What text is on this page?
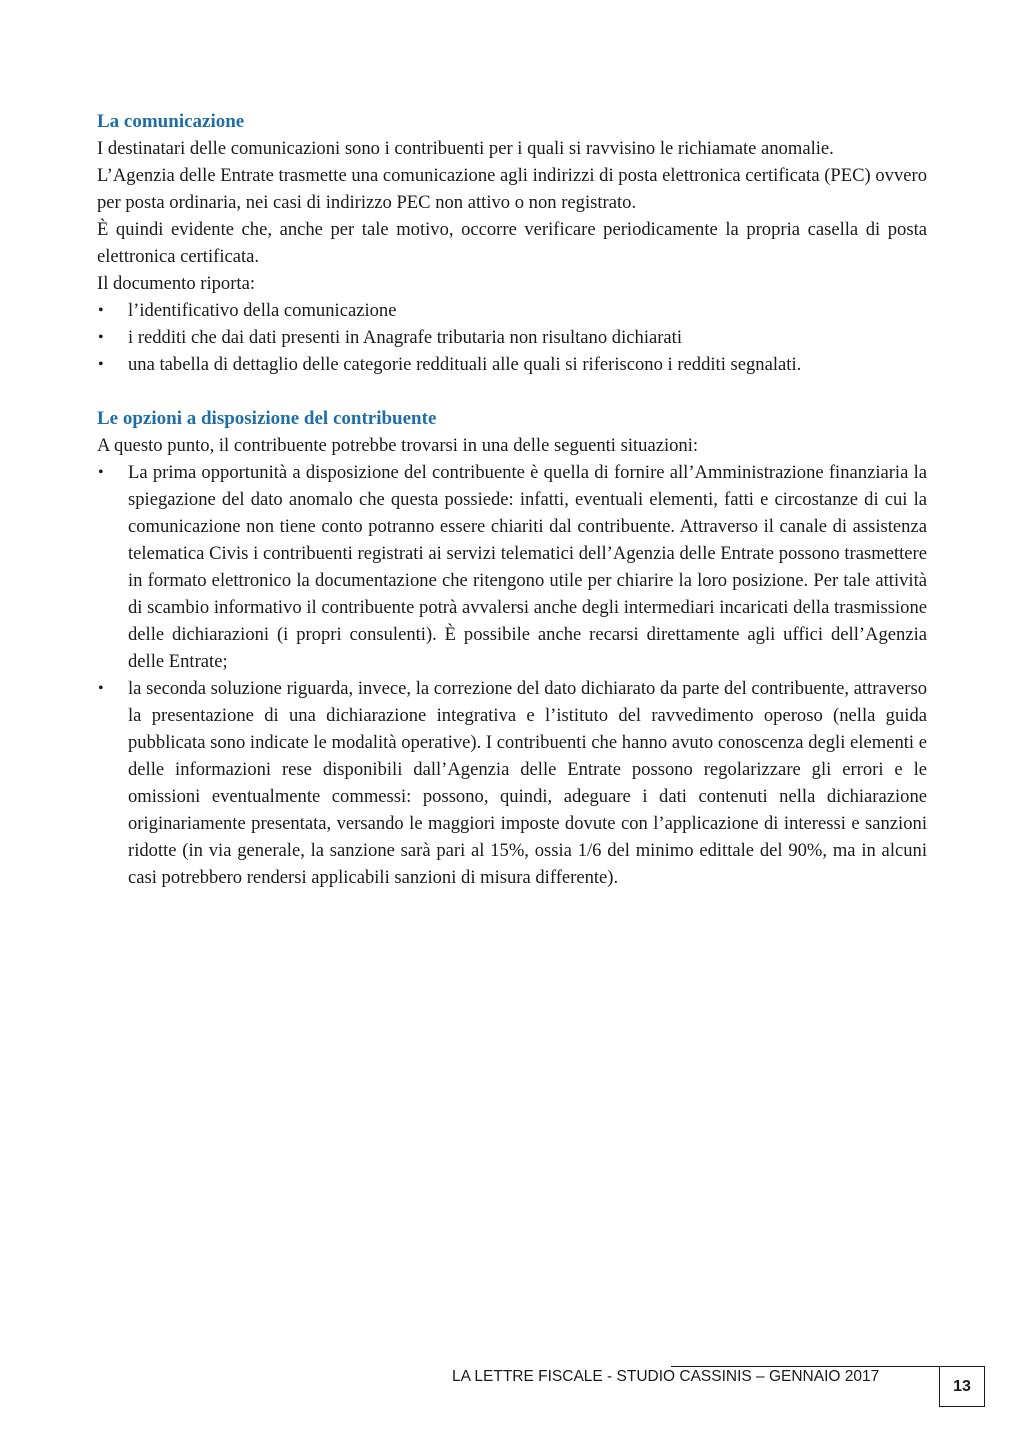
La comunicazione

I destinatari delle comunicazioni sono i contribuenti per i quali si ravvisino le richiamate anomalie.

L’Agenzia delle Entrate trasmette una comunicazione agli indirizzi di posta elettronica certificata (PEC) ovvero per posta ordinaria, nei casi di indirizzo PEC non attivo o non registrato.

È quindi evidente che, anche per tale motivo, occorre verificare periodicamente la propria casella di posta elettronica certificata.

Il documento riporta:

• l’identificativo della comunicazione
• i redditi che dai dati presenti in Anagrafe tributaria non risultano dichiarati
• una tabella di dettaglio delle categorie reddituali alle quali si riferiscono i redditi segnalati.
Le opzioni a disposizione del contribuente

A questo punto, il contribuente potrebbe trovarsi in una delle seguenti situazioni:

• La prima opportunità a disposizione del contribuente è quella di fornire all’Amministrazione finanziaria la spiegazione del dato anomalo che questa possiede: infatti, eventuali elementi, fatti e circostanze di cui la comunicazione non tiene conto potranno essere chiariti dal contribuente. Attraverso il canale di assistenza telematica Civis i contribuenti registrati ai servizi telematici dell’Agenzia delle Entrate possono trasmettere in formato elettronico la documentazione che ritengono utile per chiarire la loro posizione. Per tale attività di scambio informativo il contribuente potrà avvalersi anche degli intermediari incaricati della trasmissione delle dichiarazioni (i propri consulenti). È possibile anche recarsi direttamente agli uffici dell’Agenzia delle Entrate;
• la seconda soluzione riguarda, invece, la correzione del dato dichiarato da parte del contribuente, attraverso la presentazione di una dichiarazione integrativa e l’istituto del ravvedimento operoso (nella guida pubblicata sono indicate le modalità operative). I contribuenti che hanno avuto conoscenza degli elementi e delle informazioni rese disponibili dall’Agenzia delle Entrate possono regolarizzare gli errori e le omissioni eventualmente commessi: possono, quindi, adeguare i dati contenuti nella dichiarazione originariamente presentata, versando le maggiori imposte dovute con l’applicazione di interessi e sanzioni ridotte (in via generale, la sanzione sarà pari al 15%, ossia 1/6 del minimo edittale del 90%, ma in alcuni casi potrebbero rendersi applicabili sanzioni di misura differente).
LA LETTRE FISCALE - STUDIO CASSINIS – GENNAIO 2017
13
